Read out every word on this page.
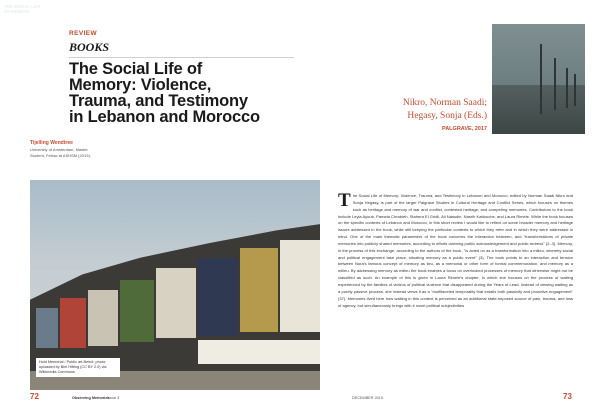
REVIEW
BOOKS
The Social Life of
Memory: Violence,
Trauma, and Testimony
in Lebanon and Morocco
Tijelling Wendtree
University of Amsterdam, Master
Student, Fellow at ASHSM (2019).
THE SOCIAL LIFE
OF MEMORY
Nikro, Norman Saadi;
Hegasy, Sonja (Eds.)
PALGRAVE, 2017
Hold Memorial / Public art Beirut, photo: uploaded by Bint Hitting (CC BY 2.0) via Wikimedia Commons
The Social Life of Memory: Violence, Trauma, and Testimony in Lebanon and Morocco, edited by Norman Saadi Nikro and Sonja Hegasy, is part of the larger Palgrave Studies in Cultural Heritage and Conflict Series, which focuses on themes such as heritage and memory of war and conflict, contested heritage, and competing memories. Contributors to the book include Leyla Ayoub, Pamela Chrabieh, Stahera El Gridli, Ali Nassdin, Nasrih Kattouche, and Laura Rimele. While the book focuses on the specific contexts of Lebanon and Morocco, in this short review I would like to reflect on some broader memory and heritage issues addressed in the book, while still keeping the particular contexts to which they refer and in which they were addressed in mind. One of the main thematic parameters of the book concerns the interaction between, and "transformations of private memories into publicly shared memories, according to efforts claiming public acknowledgement and public redress" (2–3). Memory, in the process of this exchange, according to the authors of the book, "is acted on as a transformation into a milieu, whereby social and political engagement take place, situating memory as a public event" (3). The book points to an interaction and tension between Nora's famous concept of memory as lieu, as a memorial or other form of formal commemoration, and memory as a milieu. By addressing memory as milieu the book enables a focus on overlooked processes of memory that otherwise might not be classified as such. An example of this is given in Laura Rimele's chapter, in which she focuses on the process of waiting experienced by the families of victims of political violence that disappeared during the Years of Lead. Instead of viewing waiting as a purely passive process, she instead views it as a "multifaceted temporality that entails both passivity and proactive engagement" (37). Memories lived here how waiting in this context is perceived as an additional state-imposed source of pain, trauma, and loss of agency, but simultaneously brings with it novel political subjectivities
72	Observing Memories
Issue 3	DECEMBER 2019	73
